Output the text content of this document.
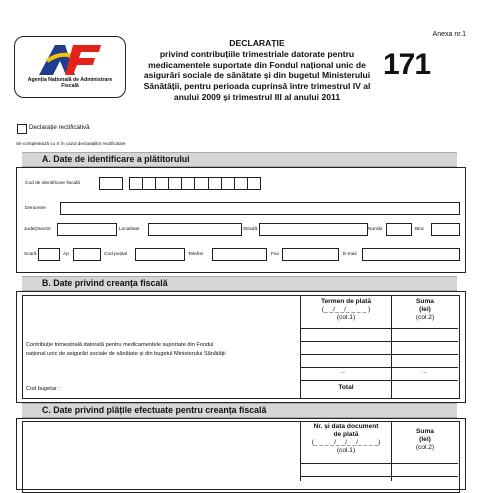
Anexa nr.1
Agenția Națională de Administrare
Fiscală
DECLARAȚIE
privind contribuțiile trimestriale datorate pentru
medicamentele suportate din Fondul național unic de
asigurări sociale de sănătate și din bugetul Ministerului
Sănătății, pentru perioada cuprinsă între trimestrul IV al
anului 2009 și trimestrul III al anului 2011
171
Declarație rectificativă
Se completează cu X în cazul declarațiilor rectificative
A. Date de identificare a plătitorului
Cod de identificare fiscală
Denumire
Județ/Sector	Localitate	Stradă	Număr	Bloc
Scară	Ap	Cod poștal	Telefon	Fax	E-mail
B. Date privind creanța fiscală
Termen de plată
(_ _/_ _/_ _ _ _ )
(col.1)
Suma
(lei)
(col.2)
Contribuție trimestrială datorată pentru medicamentele suportate din Fondul
național unic de asigurări sociale de sănătate și din bugetul Ministerului Sănătății
...	...
Cod bugetar :	Total
C. Date privind plățile efectuate pentru creanța fiscală
Nr. și data document
de plată
(_ _ _ _/_ _/_ _/_ _ _ _)
(col.1)
Suma
(lei)
(col.2)
